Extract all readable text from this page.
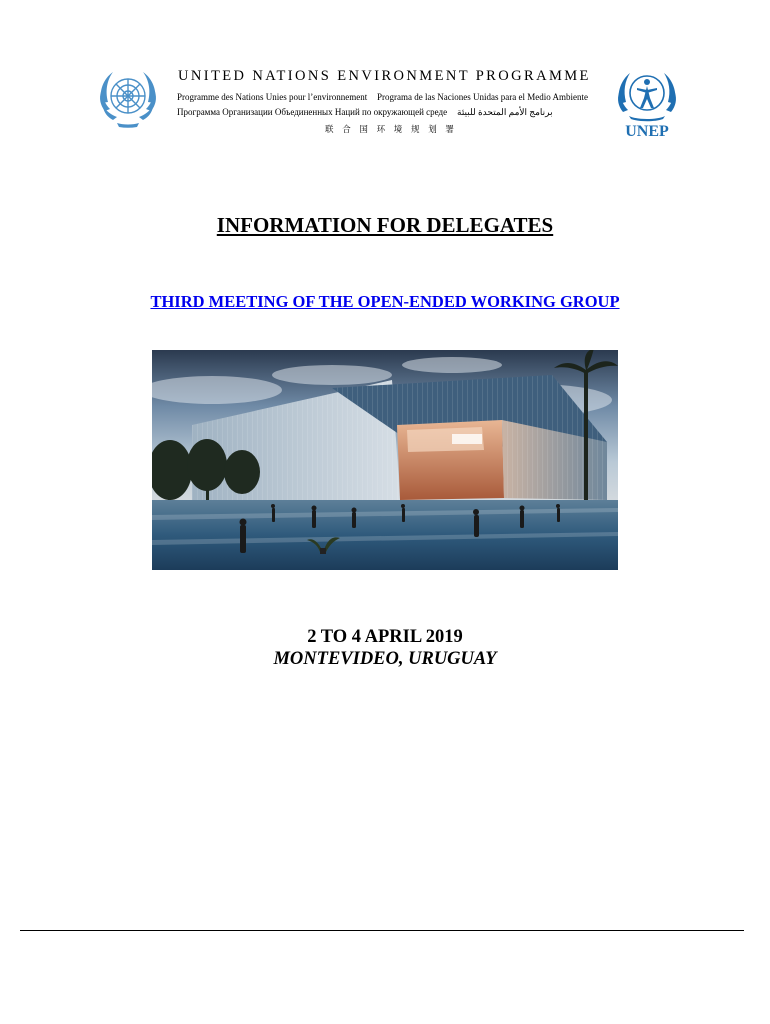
UNITED NATIONS ENVIRONMENT PROGRAMME
Programme des Nations Unies pour l’environnement Programa de las Naciones Unidas para el Medio Ambiente
Программа Организации Объединенных Наций по окружающей среде برنامج الأمم المتحدة للبيئة
联 合 国 环 境 规 划 署	UNEP
INFORMATION FOR DELEGATES
THIRD MEETING OF THE OPEN-ENDED WORKING GROUP
2 TO 4 APRIL 2019
MONTEVIDEO, URUGUAY
